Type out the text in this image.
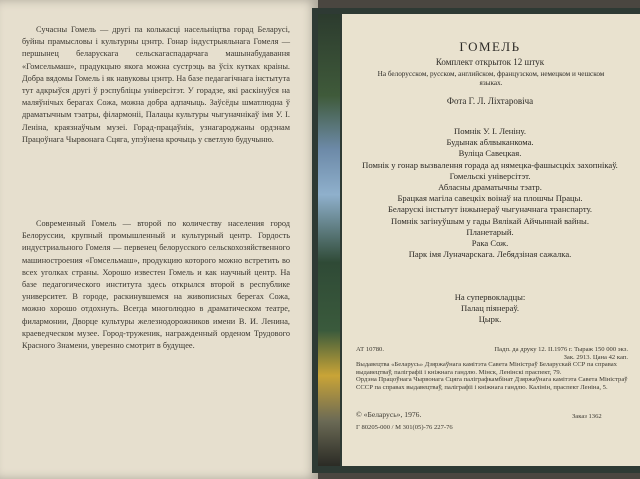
Сучасны Гомель — другі па колькасці насельніцтва горад Беларусі, буйны прамысловы і культурны цэнтр. Гонар індустрыяльнага Гомеля — першынец беларускага сельскагаспадарчага машынабудавання «Гомсельмаш», прадукцыю якога можна сустрэць ва ўсіх кутках краіны. Добра вядомы Гомель і як навуковы цэнтр. На базе педагагічнага інстытута тут адкрыўся другі ў рэспубліцы універсітэт. У горадзе, які раскінуўся на маляўнічых берагах Сожа, можна добра адпачыць. Заўсёды шматлюдна ў драматычным тэатры, філармоніі, Палацы культуры чыгуначнікаў імя У. І. Леніна, краязнаўчым музеі. Горад-працаўнік, узнагароджаны ордэнам Працоўнага Чырвонага Сцяга, упэўнена крочыць у светлую будучыню.
Современный Гомель — второй по количеству населения город Белоруссии, крупный промышленный и культурный центр. Гордость индустриального Гомеля — первенец белорусского сельскохозяйственного машиностроения «Гомсельмаш», продукцию которого можно встретить во всех уголках страны. Хорошо известен Гомель и как научный центр. На базе педагогического института здесь открылся второй в республике университет. В городе, раскинувшемся на живописных берегах Сожа, можно хорошо отдохнуть. Всегда многолюдно в драматическом театре, филармонии, Дворце культуры железнодорожников имени В. И. Ленина, краеведческом музее. Город-труженик, награжденный орденом Трудового Красного Знамени, уверенно смотрит в будущее.
ГОМЕЛЬ
Комплект открыток 12 штук
На белорусском, русском, английском, французском, немецком и чешском языках.
Фота Г. Л. Ліхтаровіча
Помнік У. І. Леніну.
Будынак аблвыканкома.
Вуліца Савецкая.
Помнік у гонар вызвалення горада ад нямецка-фашысцкіх захопнікаў.
Гомельскі універсітэт.
Абласны драматычны тэатр.
Брацкая магіла савецкіх воінаў на плошчы Працы.
Беларускі інстытут інжынераў чыгуначнага транспарту.
Помнік загінуўшым у гады Вялікай Айчыннай вайны.
Планетарый.
Рака Сож.
Парк імя Луначарскага. Лебядзіная сажалка.
На супервокладцы:
Палац піянераў.
Цырк.
АТ 10780.	Падп. да друку 12. II.1976 г. Тыраж 150 000 экз.
Зак. 2913. Цана 42 кап.
Выдавецтва «Беларусь» Дзяржаўнага камітэта Савета Міністраў Беларускай ССР па справах выдавецтваў, паліграфіі і кніжнага гандлю. Мінск, Ленінскі праспект, 79.
Ордэна Працоўнага Чырвонага Сцяга паліграфкамбінат Дзяржаўнага камітэта Савета Міністраў СССР па справах выдавецтваў, паліграфіі і кніжнага гандлю. Калінін, праспект Леніна, 5.
© «Беларусь», 1976.	Заказ 1362
Г 80205-000 / М 301(05)-76 227-76
